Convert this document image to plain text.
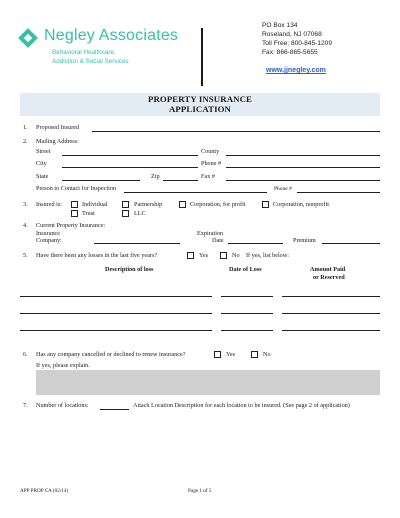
Negley Associates
Behavioral Healthcare,
Addiction & Social Services
PO Box 134
Roseland, NJ 07068
Toll Free: 800-845-1209
Fax: 866-865-5655
www.jjnegley.com
PROPERTY INSURANCE
APPLICATION
1. Proposed Insured
2. Mailing Address:
Street	County
City	Phone #
State	Zip	Fax #
Person to Contact for Inspection	Phone #
3. Insured is:	Individual	Partnership	Corporation, for profit	Corporation, nonprofit
Trust	LLC
4. Current Property Insurance:
Insurance
Company:
Expiration
Date	Premium
5. Have there been any losses in the last five years?	Yes	No If yes, list below:
Description of loss	Date of Loss	Amount Paid
or Reserved
6. Has any company cancelled or declined to renew insurance?	Yes	No
If yes, please explain.
7. Number of locations:	Attach Location Description for each location to be insured. (See page 2 of application)
APP PROP CA (02/14)	Page 1 of 5
